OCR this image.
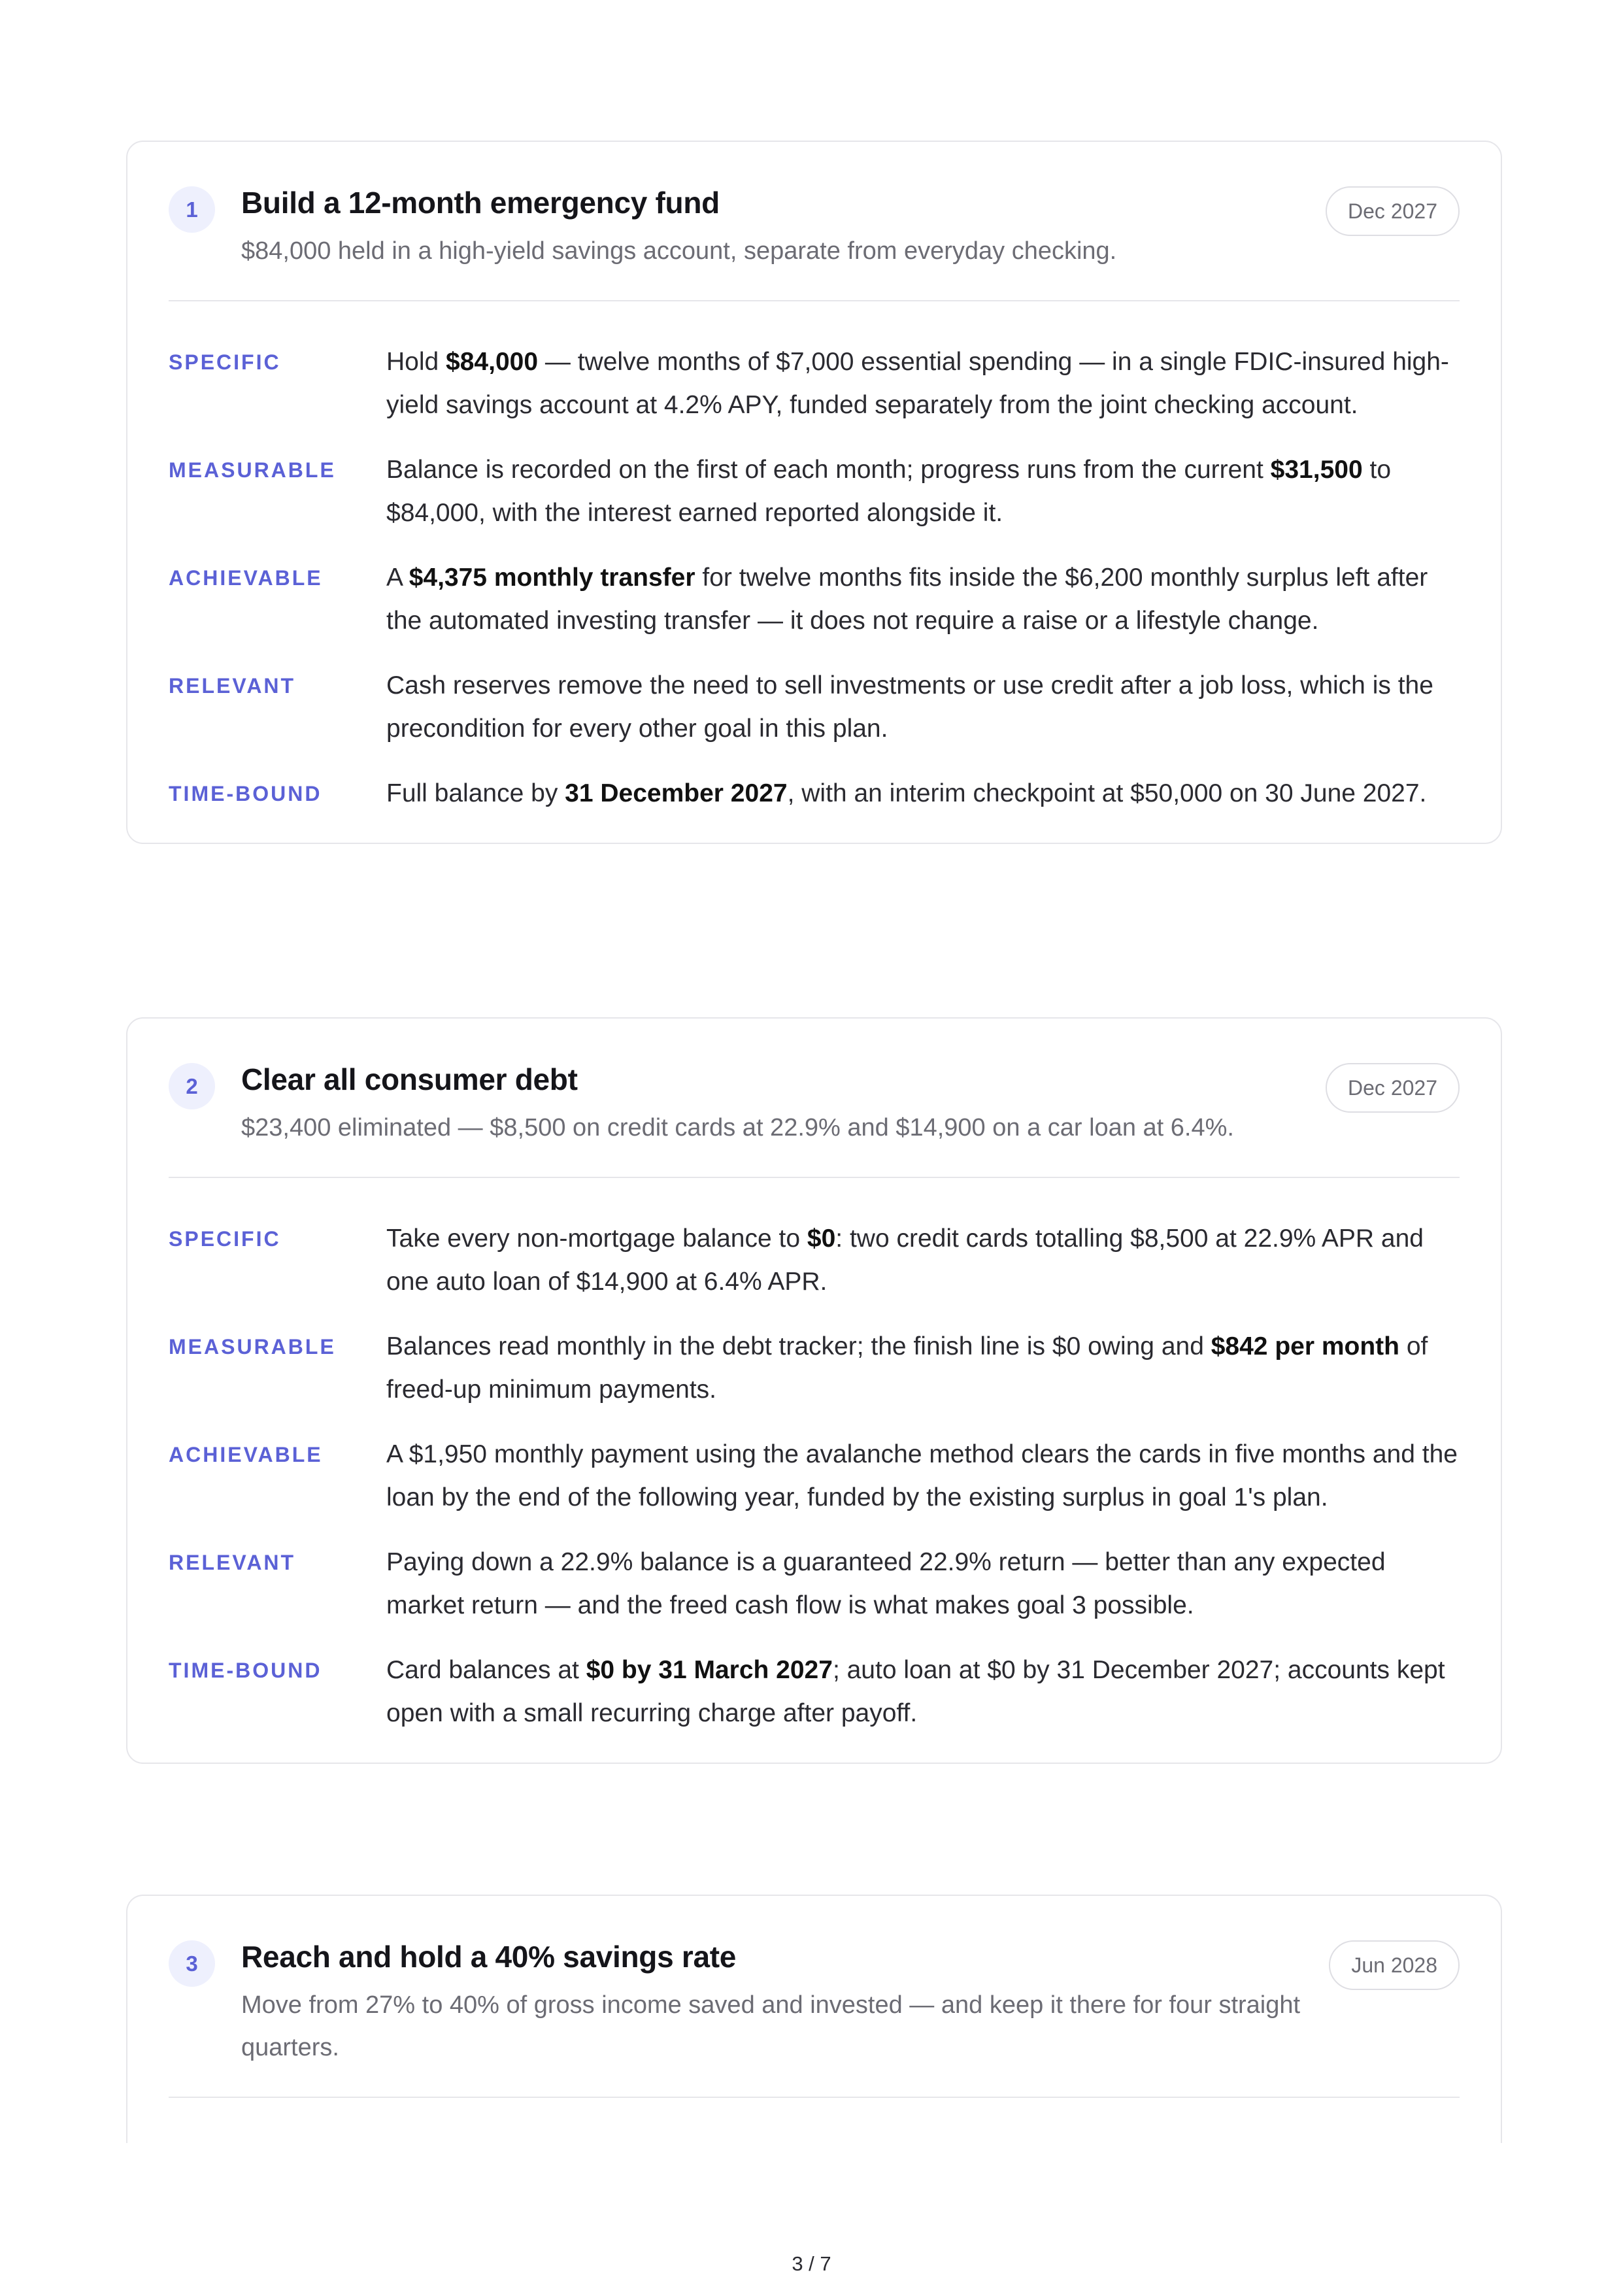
1	Build a 12-month emergency fund
$84,000 held in a high-yield savings account, separate from everyday checking.
Dec 2027
SPECIFIC	Hold $84,000 — twelve months of $7,000 essential spending — in a single FDIC-insured high-yield savings account at 4.2% APY, funded separately from the joint checking account.
MEASURABLE	Balance is recorded on the first of each month; progress runs from the current $31,500 to $84,000, with the interest earned reported alongside it.
ACHIEVABLE	A $4,375 monthly transfer for twelve months fits inside the $6,200 monthly surplus left after the automated investing transfer — it does not require a raise or a lifestyle change.
RELEVANT	Cash reserves remove the need to sell investments or use credit after a job loss, which is the precondition for every other goal in this plan.
TIME-BOUND	Full balance by 31 December 2027, with an interim checkpoint at $50,000 on 30 June 2027.
2	Clear all consumer debt
$23,400 eliminated — $8,500 on credit cards at 22.9% and $14,900 on a car loan at 6.4%.
Dec 2027
SPECIFIC	Take every non-mortgage balance to $0: two credit cards totalling $8,500 at 22.9% APR and one auto loan of $14,900 at 6.4% APR.
MEASURABLE	Balances read monthly in the debt tracker; the finish line is $0 owing and $842 per month of freed-up minimum payments.
ACHIEVABLE	A $1,950 monthly payment using the avalanche method clears the cards in five months and the loan by the end of the following year, funded by the existing surplus in goal 1's plan.
RELEVANT	Paying down a 22.9% balance is a guaranteed 22.9% return — better than any expected market return — and the freed cash flow is what makes goal 3 possible.
TIME-BOUND	Card balances at $0 by 31 March 2027; auto loan at $0 by 31 December 2027; accounts kept open with a small recurring charge after payoff.
3	Reach and hold a 40% savings rate
Move from 27% to 40% of gross income saved and invested — and keep it there for four straight quarters.
Jun 2028
3 / 7
